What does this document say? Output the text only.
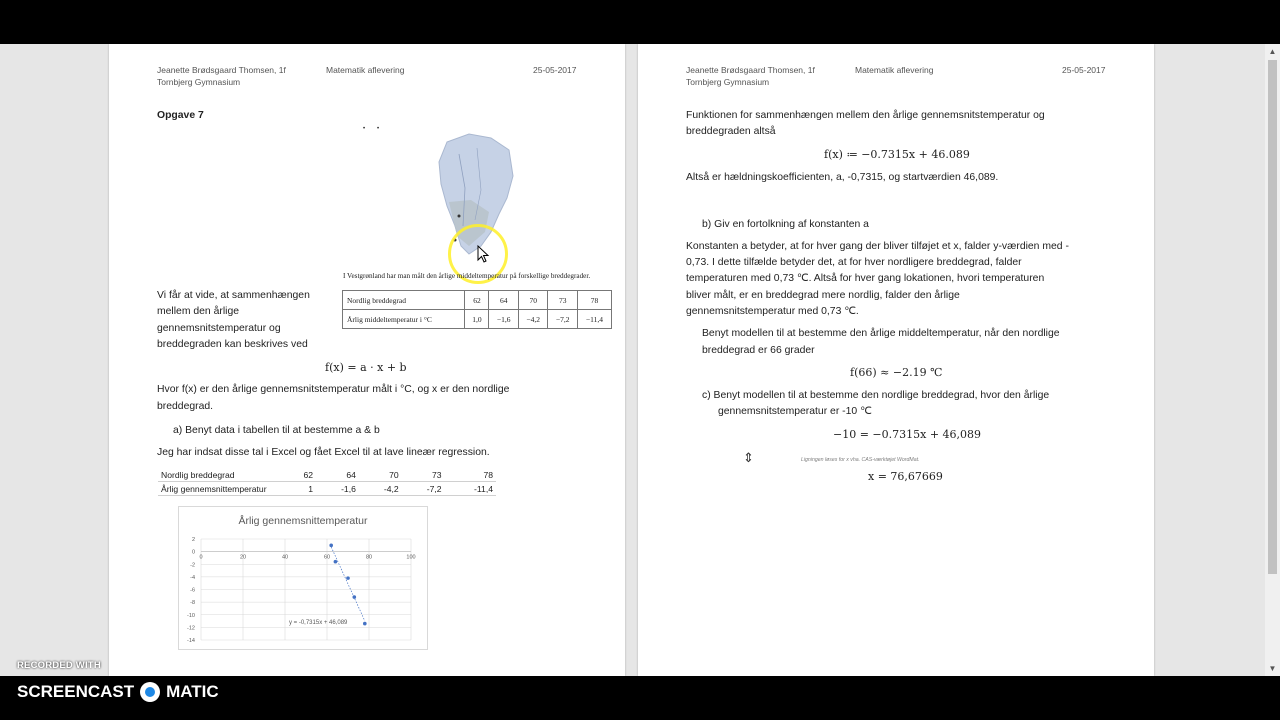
Jeanette Brødsgaard Thomsen, 1f
Tornbjerg Gymnasium
Matematik aflevering	25-05-2017
Opgave 7
• •
I Vestgrønland har man målt den årlige middeltemperatur på forskellige breddegrader.
Nordlig breddegrad	62	64	70	73	78
Årlig middeltemperatur i °C	1,0	−1,6	−4,2	−7,2	−11,4
Vi får at vide, at sammenhængen
mellem den årlige
gennemsnitstemperatur og
breddegraden kan beskrives ved
f(x) = a · x + b
Hvor f(x) er den årlige gennemsnitstemperatur målt i °C, og x er den nordlige
breddegrad.
a) Benyt data i tabellen til at bestemme a & b
Jeg har indsat disse tal i Excel og fået Excel til at lave lineær regression.
Nordlig breddegrad	62	64	70	73	78
Årlig gennemsnittemperatur	1	-1,6	-4,2	-7,2	-11,4
Årlig gennemsnittemperatur
2
0
-2
-4
-6
-8
-10
-12
-14
0	20	40	60	80	100
y = -0,7315x + 46,089
Jeanette Brødsgaard Thomsen, 1f
Tornbjerg Gymnasium
Matematik aflevering	25-05-2017
Funktionen for sammenhængen mellem den årlige gennemsnitstemperatur og
breddegraden altså
f(x) ≔ −0.7315x + 46.089
Altså er hældningskoefficienten, a, -0,7315, og startværdien 46,089.
b) Giv en fortolkning af konstanten a
Konstanten a betyder, at for hver gang der bliver tilføjet et x, falder y-værdien med -
0,73. I dette tilfælde betyder det, at for hver nordligere breddegrad, falder
temperaturen med 0,73 ℃. Altså for hver gang lokationen, hvori temperaturen
bliver målt, er en breddegrad mere nordlig, falder den årlige
gennemsnitstemperatur med 0,73 ℃.
Benyt modellen til at bestemme den årlige middeltemperatur, når den nordlige
breddegrad er 66 grader
f(66) ≈ −2.19 ℃
c) Benyt modellen til at bestemme den nordlige breddegrad, hvor den årlige
gennemsnitstemperatur er -10 ℃
−10 = −0.7315x + 46,089
⇕	Ligningen løses for x vha. CAS-værktøjet WordMat.
x = 76,67669
▲
▼
RECORDED WITH
SCREENCAST MATIC
